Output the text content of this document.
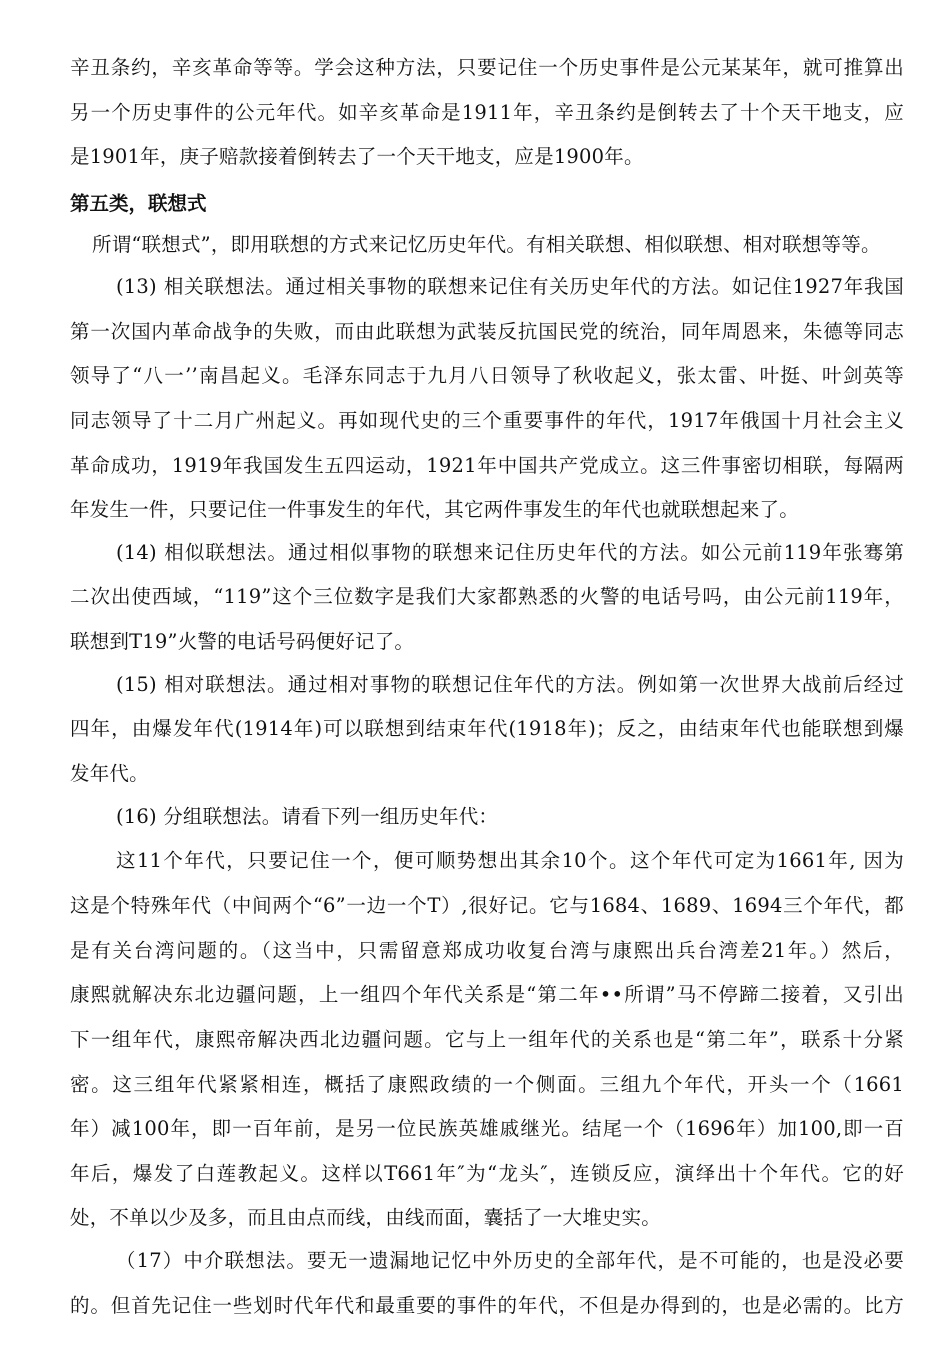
辛丑条约，辛亥革命等等。学会这种方法，只要记住一个历史事件是公元某某年，就可推算出

另一个历史事件的公元年代。如辛亥革命是1911年，辛丑条约是倒转去了十个天干地支，应

是1901年，庚子赔款接着倒转去了一个天干地支，应是1900年。

第五类，联想式

所谓“联想式”，即用联想的方式来记忆历史年代。有相关联想、相似联想、相对联想等等。

(13) 相关联想法。通过相关事物的联想来记住有关历史年代的方法。如记住1927年我国

第一次国内革命战争的失败，而由此联想为武装反抗国民党的统治，同年周恩来，朱德等同志

领导了“八一’’南昌起义。毛泽东同志于九月八日领导了秋收起义，张太雷、叶挺、叶剑英等

同志领导了十二月广州起义。再如现代史的三个重要事件的年代，1917年俄国十月社会主义

革命成功，1919年我国发生五四运动，1921年中国共产党成立。这三件事密切相联，每隔两

年发生一件，只要记住一件事发生的年代，其它两件事发生的年代也就联想起来了。

(14) 相似联想法。通过相似事物的联想来记住历史年代的方法。如公元前119年张骞第

二次出使西域，“119”这个三位数字是我们大家都熟悉的火警的电话号吗，由公元前119年，

联想到T19”火警的电话号码便好记了。

(15) 相对联想法。通过相对事物的联想记住年代的方法。例如第一次世界大战前后经过

四年，由爆发年代(1914年)可以联想到结束年代(1918年)；反之，由结束年代也能联想到爆

发年代。

(16) 分组联想法。请看下列一组历史年代：

这11个年代，只要记住一个，便可顺势想出其余10个。这个年代可定为1661年, 因为

这是个特殊年代（中间两个“6”一边一个T）,很好记。它与1684、1689、1694三个年代，都

是有关台湾问题的。（这当中，只需留意郑成功收复台湾与康熙出兵台湾差21年。）然后，

康熙就解决东北边疆问题，上一组四个年代关系是“第二年••所谓”马不停蹄二接着，又引出

下一组年代，康熙帝解决西北边疆问题。它与上一组年代的关系也是“第二年”，联系十分紧

密。这三组年代紧紧相连，概括了康熙政绩的一个侧面。三组九个年代，开头一个（1661

年）减100年，即一百年前，是另一位民族英雄戚继光。结尾一个（1696年）加100,即一百

年后，爆发了白莲教起义。这样以T661年″为“龙头″，连锁反应，演绎出十个年代。它的好

处，不单以少及多，而且由点而线，由线而面，囊括了一大堆史实。

（17）中介联想法。要无一遗漏地记忆中外历史的全部年代，是不可能的，也是没必要

的。但首先记住一些划时代年代和最重要的事件的年代，不但是办得到的，也是必需的。比方
